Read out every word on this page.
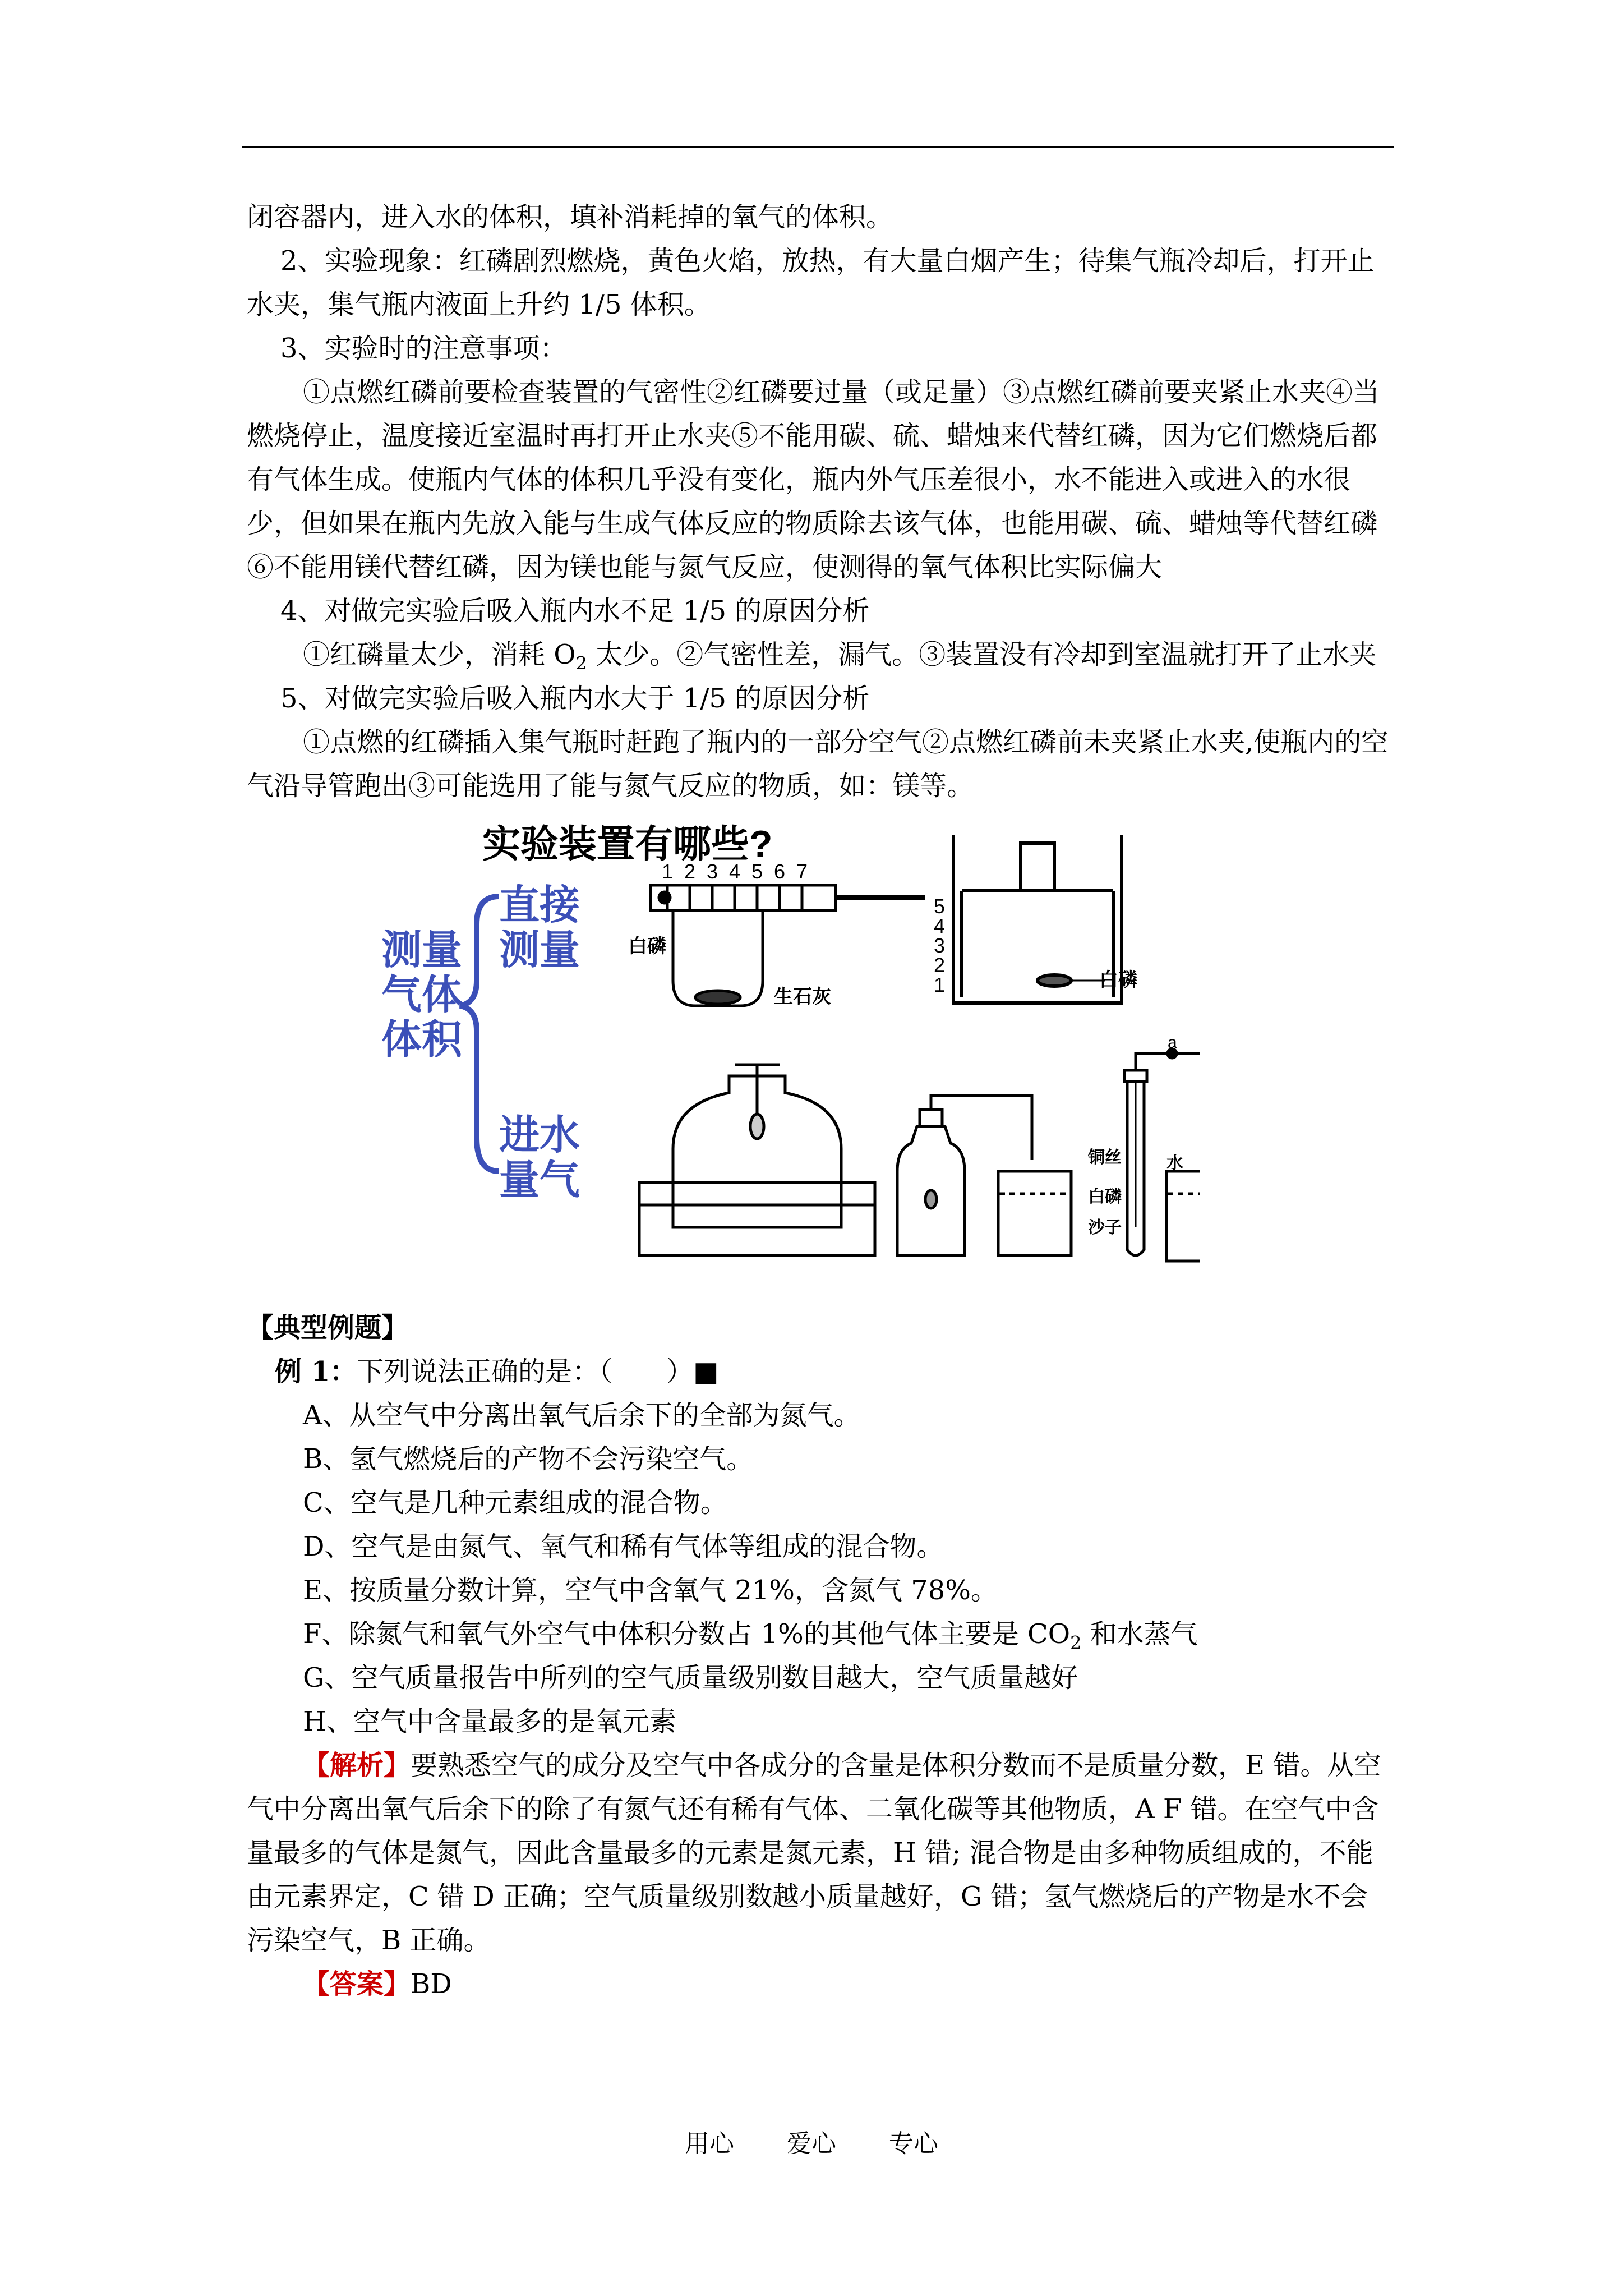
闭容器内，进入水的体积，填补消耗掉的氧气的体积。

2、实验现象：红磷剧烈燃烧，黄色火焰，放热，有大量白烟产生；待集气瓶冷却后，打开止水夹，集气瓶内液面上升约 1/5 体积。

3、实验时的注意事项：

①点燃红磷前要检查装置的气密性②红磷要过量（或足量）③点燃红磷前要夹紧止水夹④当燃烧停止，温度接近室温时再打开止水夹⑤不能用碳、硫、蜡烛来代替红磷，因为它们燃烧后都有气体生成。使瓶内气体的体积几乎没有变化，瓶内外气压差很小，水不能进入或进入的水很少，但如果在瓶内先放入能与生成气体反应的物质除去该气体，也能用碳、硫、蜡烛等代替红磷⑥不能用镁代替红磷，因为镁也能与氮气反应，使测得的氧气体积比实际偏大

4、对做完实验后吸入瓶内水不足 1/5 的原因分析

①红磷量太少，消耗 $O_2$ 太少。②气密性差，漏气。③装置没有冷却到室温就打开了止水夹

5、对做完实验后吸入瓶内水大于 1/5 的原因分析

①点燃的红磷插入集气瓶时赶跑了瓶内的一部分空气②点燃红磷前未夹紧止水夹,使瓶内的空气沿导管跑出③可能选用了能与氮气反应的物质，如：镁等。

实验装置有哪些?
测量
气体
体积
直接
测量
进水
量气
1 2 3 4 5 6 7
白磷
生石灰
5
4
3
2
1	白磷
a
铜丝
白磷
沙子
水

【典型例题】

例 1：下列说法正确的是：（　　）■

A、从空气中分离出氧气后余下的全部为氮气。

B、氢气燃烧后的产物不会污染空气。

C、空气是几种元素组成的混合物。

D、空气是由氮气、氧气和稀有气体等组成的混合物。

E、按质量分数计算，空气中含氧气 21%，含氮气 78%。

F、除氮气和氧气外空气中体积分数占 1%的其他气体主要是 $CO_2$ 和水蒸气

G、空气质量报告中所列的空气质量级别数目越大，空气质量越好

H、空气中含量最多的是氧元素

【解析】要熟悉空气的成分及空气中各成分的含量是体积分数而不是质量分数，E 错。从空气中分离出氧气后余下的除了有氮气还有稀有气体、二氧化碳等其他物质，A F 错。在空气中含量最多的气体是氮气，因此含量最多的元素是氮元素，H 错; 混合物是由多种物质组成的，不能由元素界定，C 错 D 正确；空气质量级别数越小质量越好，G 错；氢气燃烧后的产物是水不会污染空气，B 正确。

【答案】BD

用心 爱心 专心
